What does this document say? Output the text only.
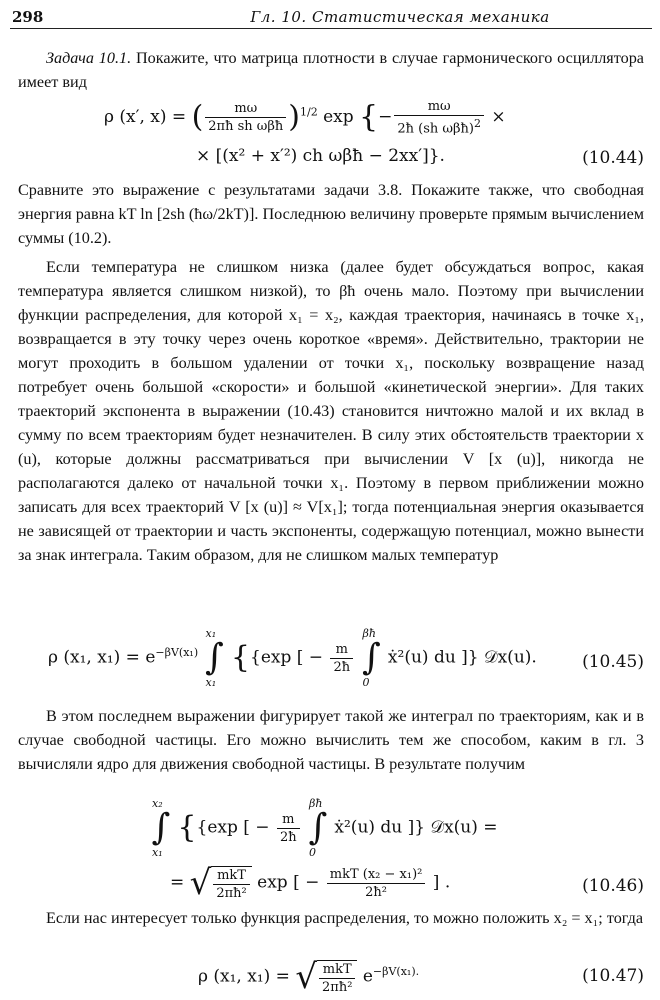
298	Гл. 10. Статистическая механика

Задача 10.1. Покажите, что матрица плотности в случае гармонического осциллятора имеет вид

ρ (x′, x) = ( $\frac{m\omega}{\text{2πħ sh ωβħ}} )^{1/2}$ exp {− $\frac{m\omega}{2ħ (sh \omega\beta ħ)^2}$ ×
× [(x² + x′²) ch ωβħ − 2xx′]}.	(10.44)

Сравните это выражение с результатами задачи 3.8. Покажите также, что свободная энергия равна kT ln [2sh (ħω/2kT)]. Последнюю величину проверьте прямым вычислением суммы (10.2).

Если температура не слишком низка (далее будет обсуждаться вопрос, какая температура является слишком низкой), то βħ очень мало. Поэтому при вычислении функции распределения, для которой x₁ = x₂, каждая траектория, начинаясь в точке x₁, возвращается в эту точку через очень короткое «время». Действительно, трактории не могут проходить в большом удалении от точки x₁, поскольку возвращение назад потребует очень большой «скорости» и большой «кинетической энергии». Для таких траекторий экспонента в выражении (10.43) становится ничтожно малой и их вклад в сумму по всем траекториям будет незначителен. В силу этих обстоятельств траектории x (u), которые должны рассматриваться при вычислении V [x (u)], никогда не располагаются далеко от начальной точки x₁. Поэтому в первом приближении можно записать для всех траекторий V [x (u)] ≈ V[x₁]; тогда потенциальная энергия оказывается не зависящей от траектории и часть экспоненты, содержащую потенциал, можно вынести за знак интеграла. Таким образом, для не слишком малых температур

ρ (x₁, $x_1) = e^{-\beta V(x_1)}$ ∫
x₁
x₁
{{exp [ − $\frac{m}{2ħ}$ ∫
βħ
0
ẋ²(u) du ]} 𝒟x(u).	(10.45)

В этом последнем выражении фигурирует такой же интеграл по траекториям, как и в случае свободной частицы. Его можно вычислить тем же способом, каким в гл. 3 вычисляли ядро для движения свободной частицы. В результате получим

∫
x₂
x₁
{{exp [ − $\frac{m}{2ħ}$ ∫
βħ
0
ẋ²(u) du ]} 𝒟x(u) =
= √ $\frac{\text{mkT}}{\text{2πħ²}}$ exp [ − $\frac{\text{mkT (x₂ − x₁)²}}{\text{2ħ²}}$ ] .	(10.46)

Если нас интересует только функция распределения, то можно положить x₂ = x₁; тогда

ρ (x₁, x₁) = √ $\frac{\text{mkT}}{\text{2πħ²}} e^{-\beta V(x_1).}$	(10.47)
